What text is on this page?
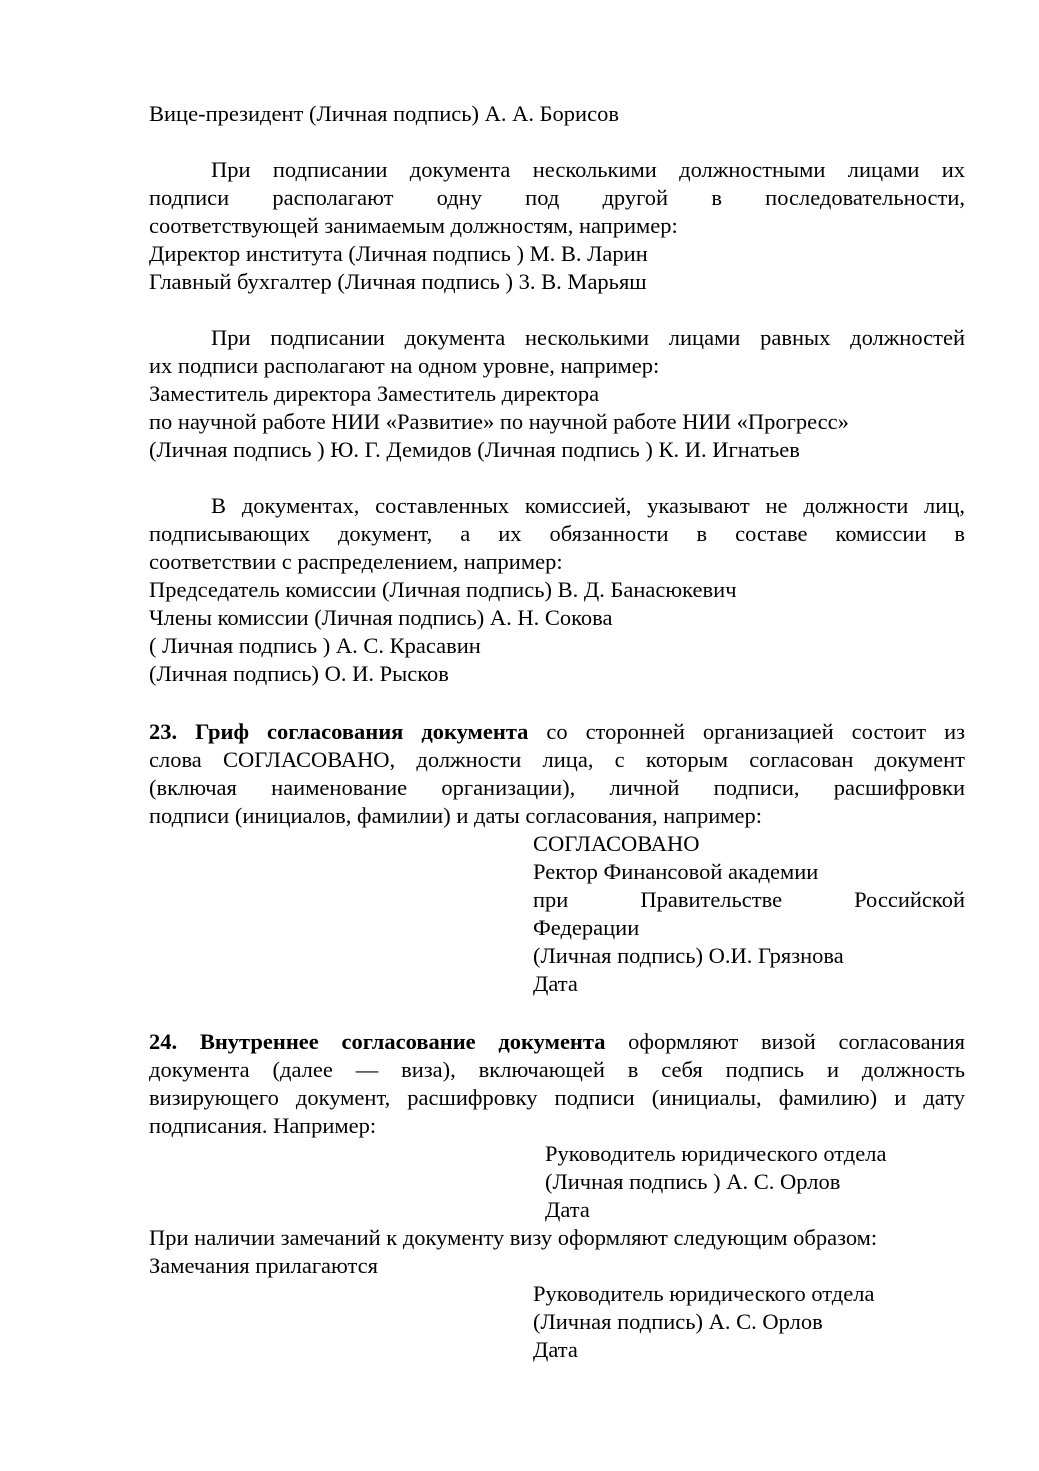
Вице-президент (Личная подпись) А. А. Борисов
При подписании документа несколькими должностными лицами их
подписи располагают одну под другой в последовательности,
соответствующей занимаемым должностям, например:
Директор института (Личная подпись ) М. В. Ларин
Главный бухгалтер (Личная подпись ) 3. В. Марьяш
При подписании документа несколькими лицами равных должностей
их подписи располагают на одном уровне, например:
Заместитель директора Заместитель директора
по научной работе НИИ «Развитие» по научной работе НИИ «Прогресс»
(Личная подпись ) Ю. Г. Демидов (Личная подпись ) К. И. Игнатьев
В документах, составленных комиссией, указывают не должности лиц,
подписывающих документ, а их обязанности в составе комиссии в
соответствии с распределением, например:
Председатель комиссии (Личная подпись) В. Д. Банасюкевич
Члены комиссии (Личная подпись) А. Н. Сокова
( Личная подпись ) А. С. Красавин
(Личная подпись) О. И. Рысков
23. Гриф согласования документа со сторонней организацией состоит из
слова СОГЛАСОВАНО, должности лица, с которым согласован документ
(включая наименование организации), личной подписи, расшифровки
подписи (инициалов, фамилии) и даты согласования, например:
СОГЛАСОВАНО
Ректор Финансовой академии
при Правительстве Российской
Федерации
(Личная подпись) О.И. Грязнова
Дата
24. Внутреннее согласование документа оформляют визой согласования
документа (далее — виза), включающей в себя подпись и должность
визирующего документ, расшифровку подписи (инициалы, фамилию) и дату
подписания. Например:
Руководитель юридического отдела
(Личная подпись ) А. С. Орлов
Дата
При наличии замечаний к документу визу оформляют следующим образом:
Замечания прилагаются
Руководитель юридического отдела
(Личная подпись) А. С. Орлов
Дата
